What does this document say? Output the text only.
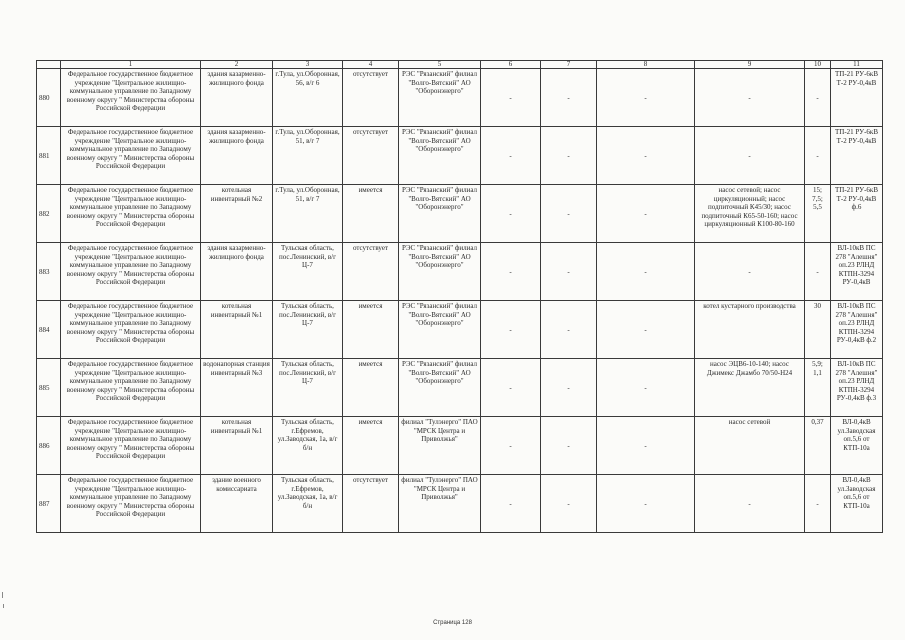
	1	2	3	4	5	6	7	8	9	10	11
880	Федеральное государственное бюджетное учреждение "Центральное жилищно-коммунальное управление по Западному военному округу " Министерства обороны Российской Федерации	здания казарменно-жилищного фонда	г.Тула, ул.Оборонная, 56, в/г 6	отсутствует	РЭС "Рязанский" филиал "Волго-Вятский" АО "Оборонэнерго"	-	-	-	-	-	ТП-21 РУ-6кВ Т-2 РУ-0,4кВ
881	Федеральное государственное бюджетное учреждение "Центральное жилищно-коммунальное управление по Западному военному округу " Министерства обороны Российской Федерации	здания казарменно-жилищного фонда	г.Тула, ул.Оборонная, 51, в/г 7	отсутствует	РЭС "Рязанский" филиал "Волго-Вятский" АО "Оборонэнерго"	-	-	-	-	-	ТП-21 РУ-6кВ Т-2 РУ-0,4кВ
882	Федеральное государственное бюджетное учреждение "Центральное жилищно-коммунальное управление по Западному военному округу " Министерства обороны Российской Федерации	котельная инвентарный №2	г.Тула, ул.Оборонная, 51, в/г 7	имеется	РЭС "Рязанский" филиал "Волго-Вятский" АО "Оборонэнерго"	-	-	-	насос сетевой; насос циркуляционный; насос подпиточный К45/30; насос подпиточный К65-50-160; насос циркуляционный К100-80-160	15; 7,5; 5,5	ТП-21 РУ-6кВ Т-2 РУ-0,4кВ ф.6
883	Федеральное государственное бюджетное учреждение "Центральное жилищно-коммунальное управление по Западному военному округу " Министерства обороны Российской Федерации	здания казарменно-жилищного фонда	Тульская область, пос.Ленинский, в/г Ц-7	отсутствует	РЭС "Рязанский" филиал "Волго-Вятский" АО "Оборонэнерго"	-	-	-	-	-	ВЛ-10кВ ПС 278 "Алешня" оп.23 РЛНД КТПН-3294 РУ-0,4кВ
884	Федеральное государственное бюджетное учреждение "Центральное жилищно-коммунальное управление по Западному военному округу " Министерства обороны Российской Федерации	котельная инвентарный №1	Тульская область, пос.Ленинский, в/г Ц-7	имеется	РЭС "Рязанский" филиал "Волго-Вятский" АО "Оборонэнерго"	-	-	-	котел кустарного производства	30	ВЛ-10кВ ПС 278 "Алешня" оп.23 РЛНД КТПН-3294 РУ-0,4кВ ф.2
885	Федеральное государственное бюджетное учреждение "Центральное жилищно-коммунальное управление по Западному военному округу " Министерства обороны Российской Федерации	водонапорная станция инвентарный №3	Тульская область, пос.Ленинский, в/г Ц-7	имеется	РЭС "Рязанский" филиал "Волго-Вятский" АО "Оборонэнерго"	-	-	-	насос ЭЦВ6-10-140; насос Джимекс Джамбо 70/50-Н24	5,9; 1,1	ВЛ-10кВ ПС 278 "Алешня" оп.23 РЛНД КТПН-3294 РУ-0,4кВ ф.3
886	Федеральное государственное бюджетное учреждение "Центральное жилищно-коммунальное управление по Западному военному округу " Министерства обороны Российской Федерации	котельная инвентарный №1	Тульская область, г.Ефремов, ул.Заводская, 1а, в/г б/н	имеется	филиал "Тулэнерго" ПАО "МРСК Центра и Приволжья"	-	-	-	насос сетевой	0,37	ВЛ-0,4кВ ул.Заводская оп.5,6 от КТП-10а
887	Федеральное государственное бюджетное учреждение "Центральное жилищно-коммунальное управление по Западному военному округу " Министерства обороны Российской Федерации	здание военного комиссариата	Тульская область, г.Ефремов, ул.Заводская, 1а, в/г б/н	отсутствует	филиал "Тулэнерго" ПАО "МРСК Центра и Приволжья"	-	-	-	-	-	ВЛ-0,4кВ ул.Заводская оп.5,6 от КТП-10а
Страница 128
